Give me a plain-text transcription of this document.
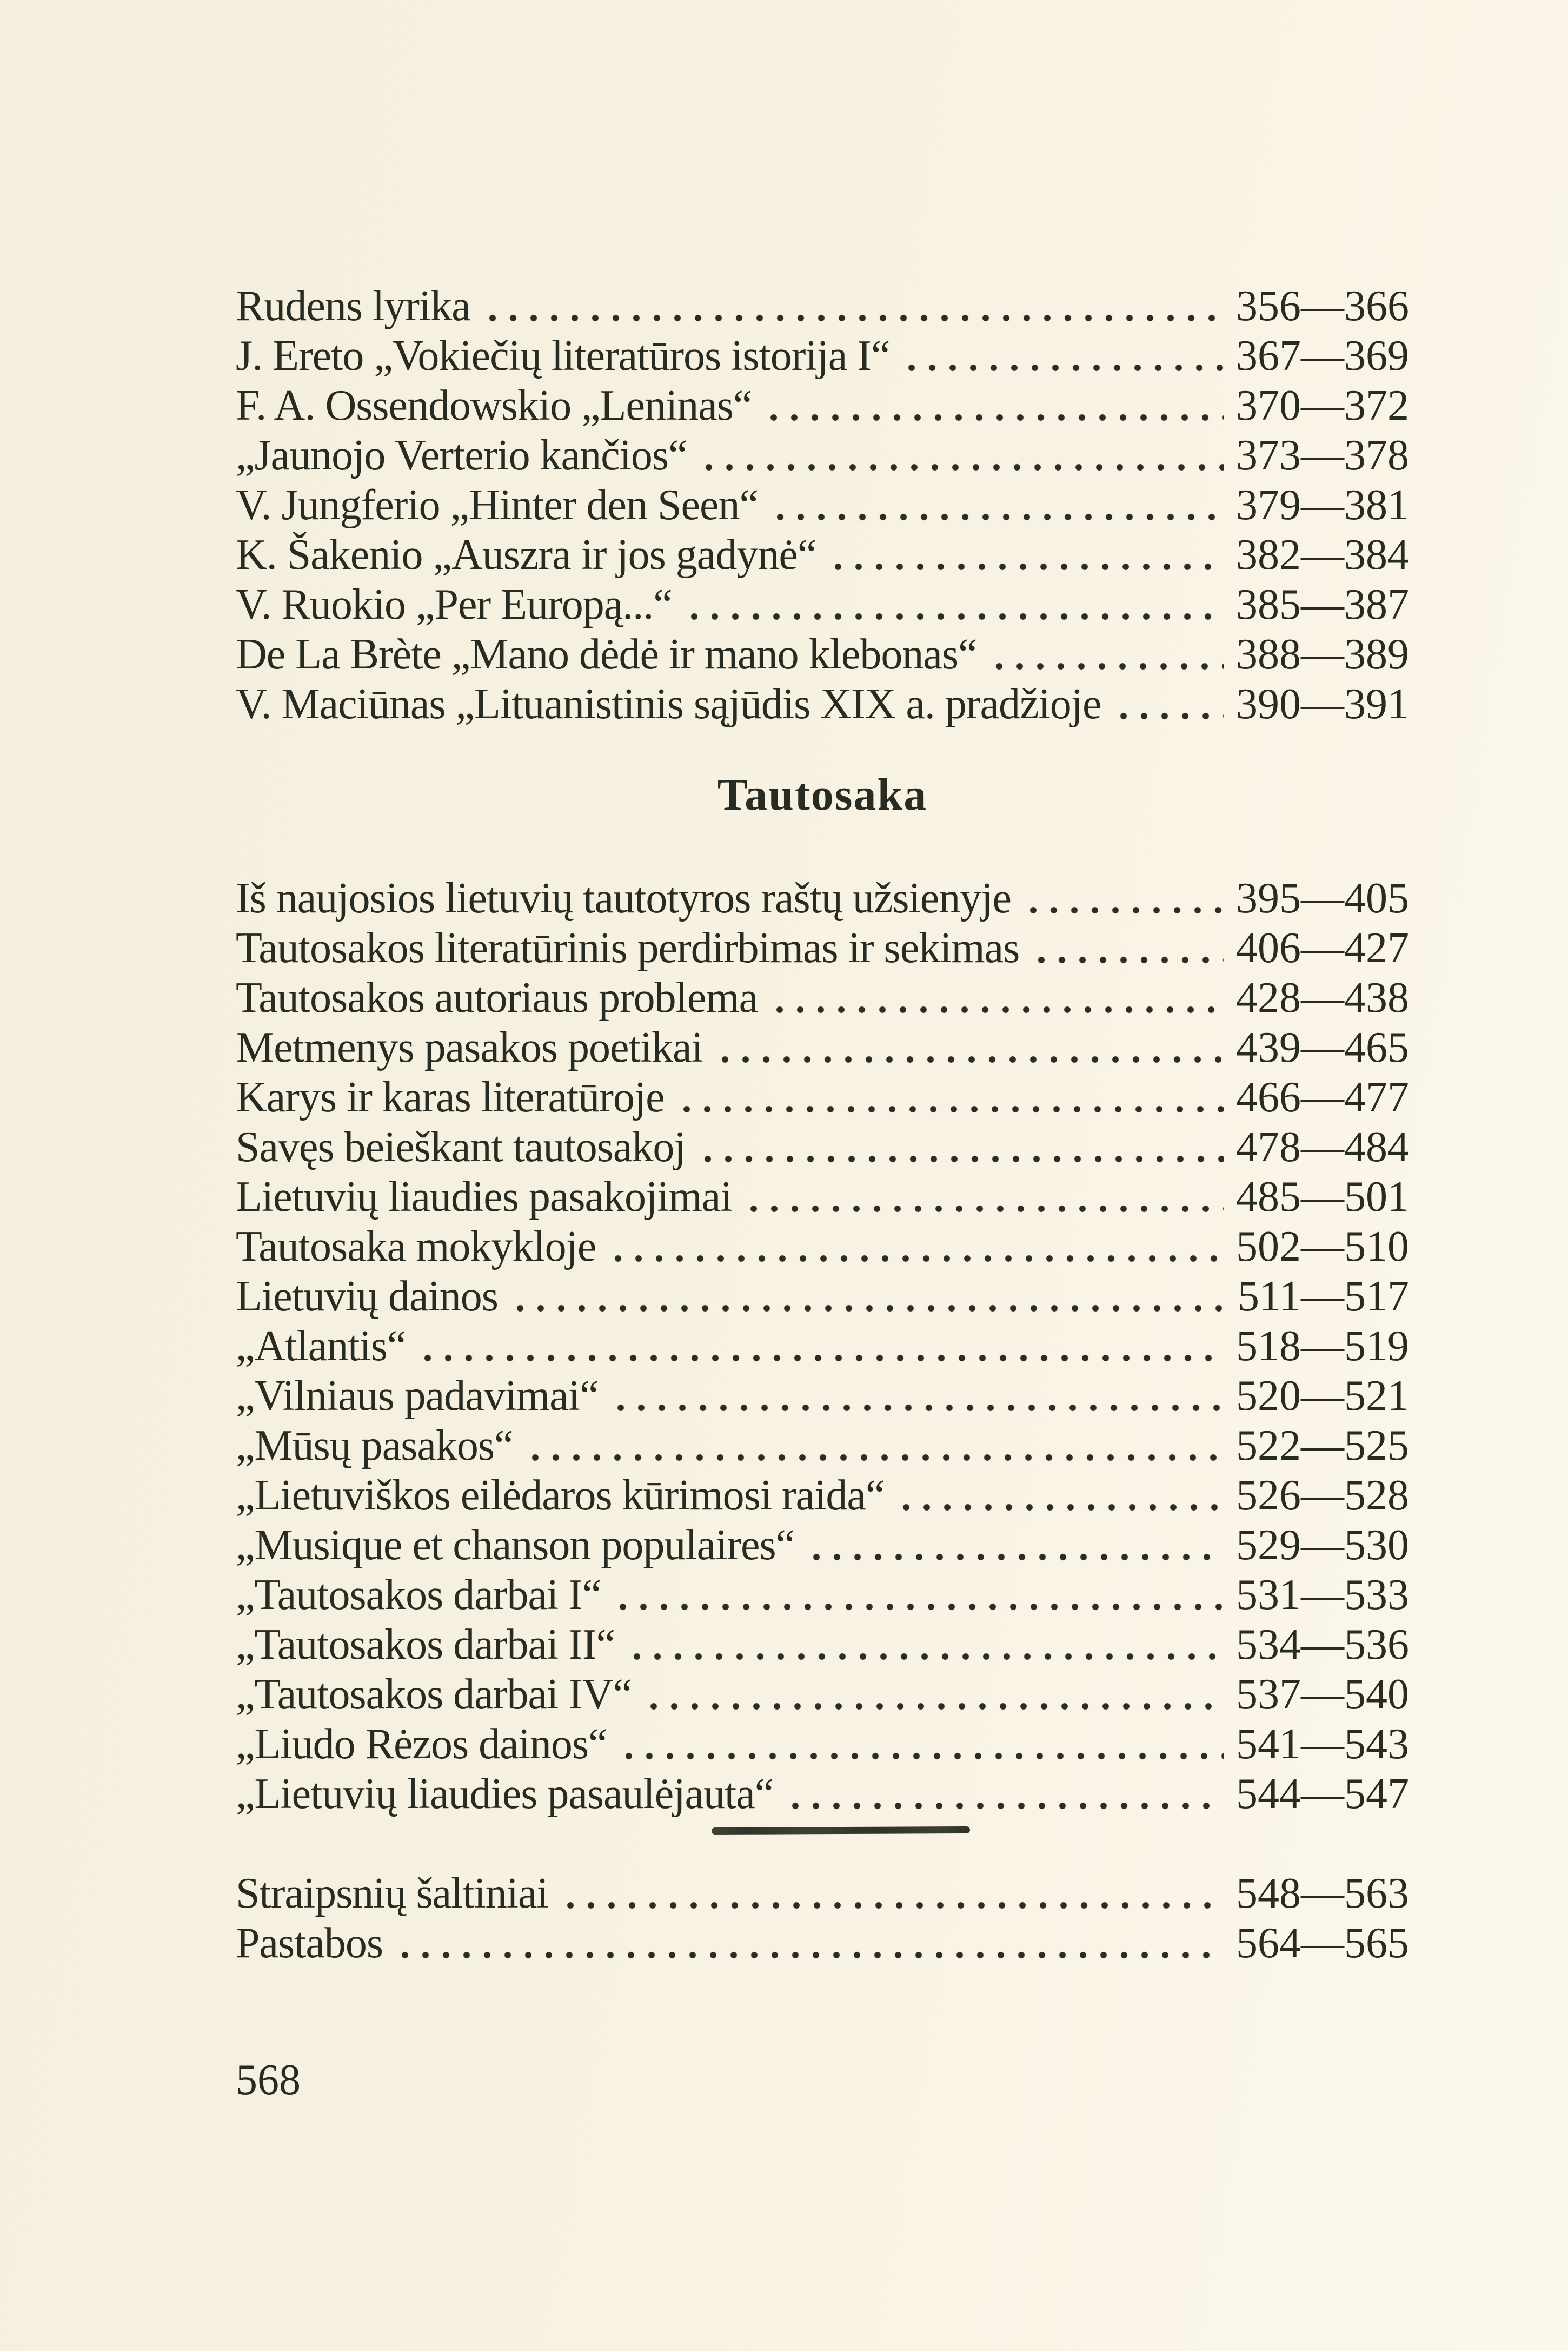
Rudens lyrika	356—366
J. Ereto „Vokiečių literatūros istorija I“	367—369
F. A. Ossendowskio „Leninas“	370—372
„Jaunojo Verterio kančios“	373—378
V. Jungferio „Hinter den Seen“	379—381
K. Šakenio „Auszra ir jos gadynė“	382—384
V. Ruokio „Per Europą...“	385—387
De La Brète „Mano dėdė ir mano klebonas“	388—389
V. Maciūnas „Lituanistinis sąjūdis XIX a. pradžioje	390—391
Tautosaka
Iš naujosios lietuvių tautotyros raštų užsienyje	395—405
Tautosakos literatūrinis perdirbimas ir sekimas	406—427
Tautosakos autoriaus problema	428—438
Metmenys pasakos poetikai	439—465
Karys ir karas literatūroje	466—477
Savęs beieškant tautosakoj	478—484
Lietuvių liaudies pasakojimai	485—501
Tautosaka mokykloje	502—510
Lietuvių dainos	511—517
„Atlantis“	518—519
„Vilniaus padavimai“	520—521
„Mūsų pasakos“	522—525
„Lietuviškos eilėdaros kūrimosi raida“	526—528
„Musique et chanson populaires“	529—530
„Tautosakos darbai I“	531—533
„Tautosakos darbai II“	534—536
„Tautosakos darbai IV“	537—540
„Liudo Rėzos dainos“	541—543
„Lietuvių liaudies pasaulėjauta“	544—547
Straipsnių šaltiniai	548—563
Pastabos	564—565
568
